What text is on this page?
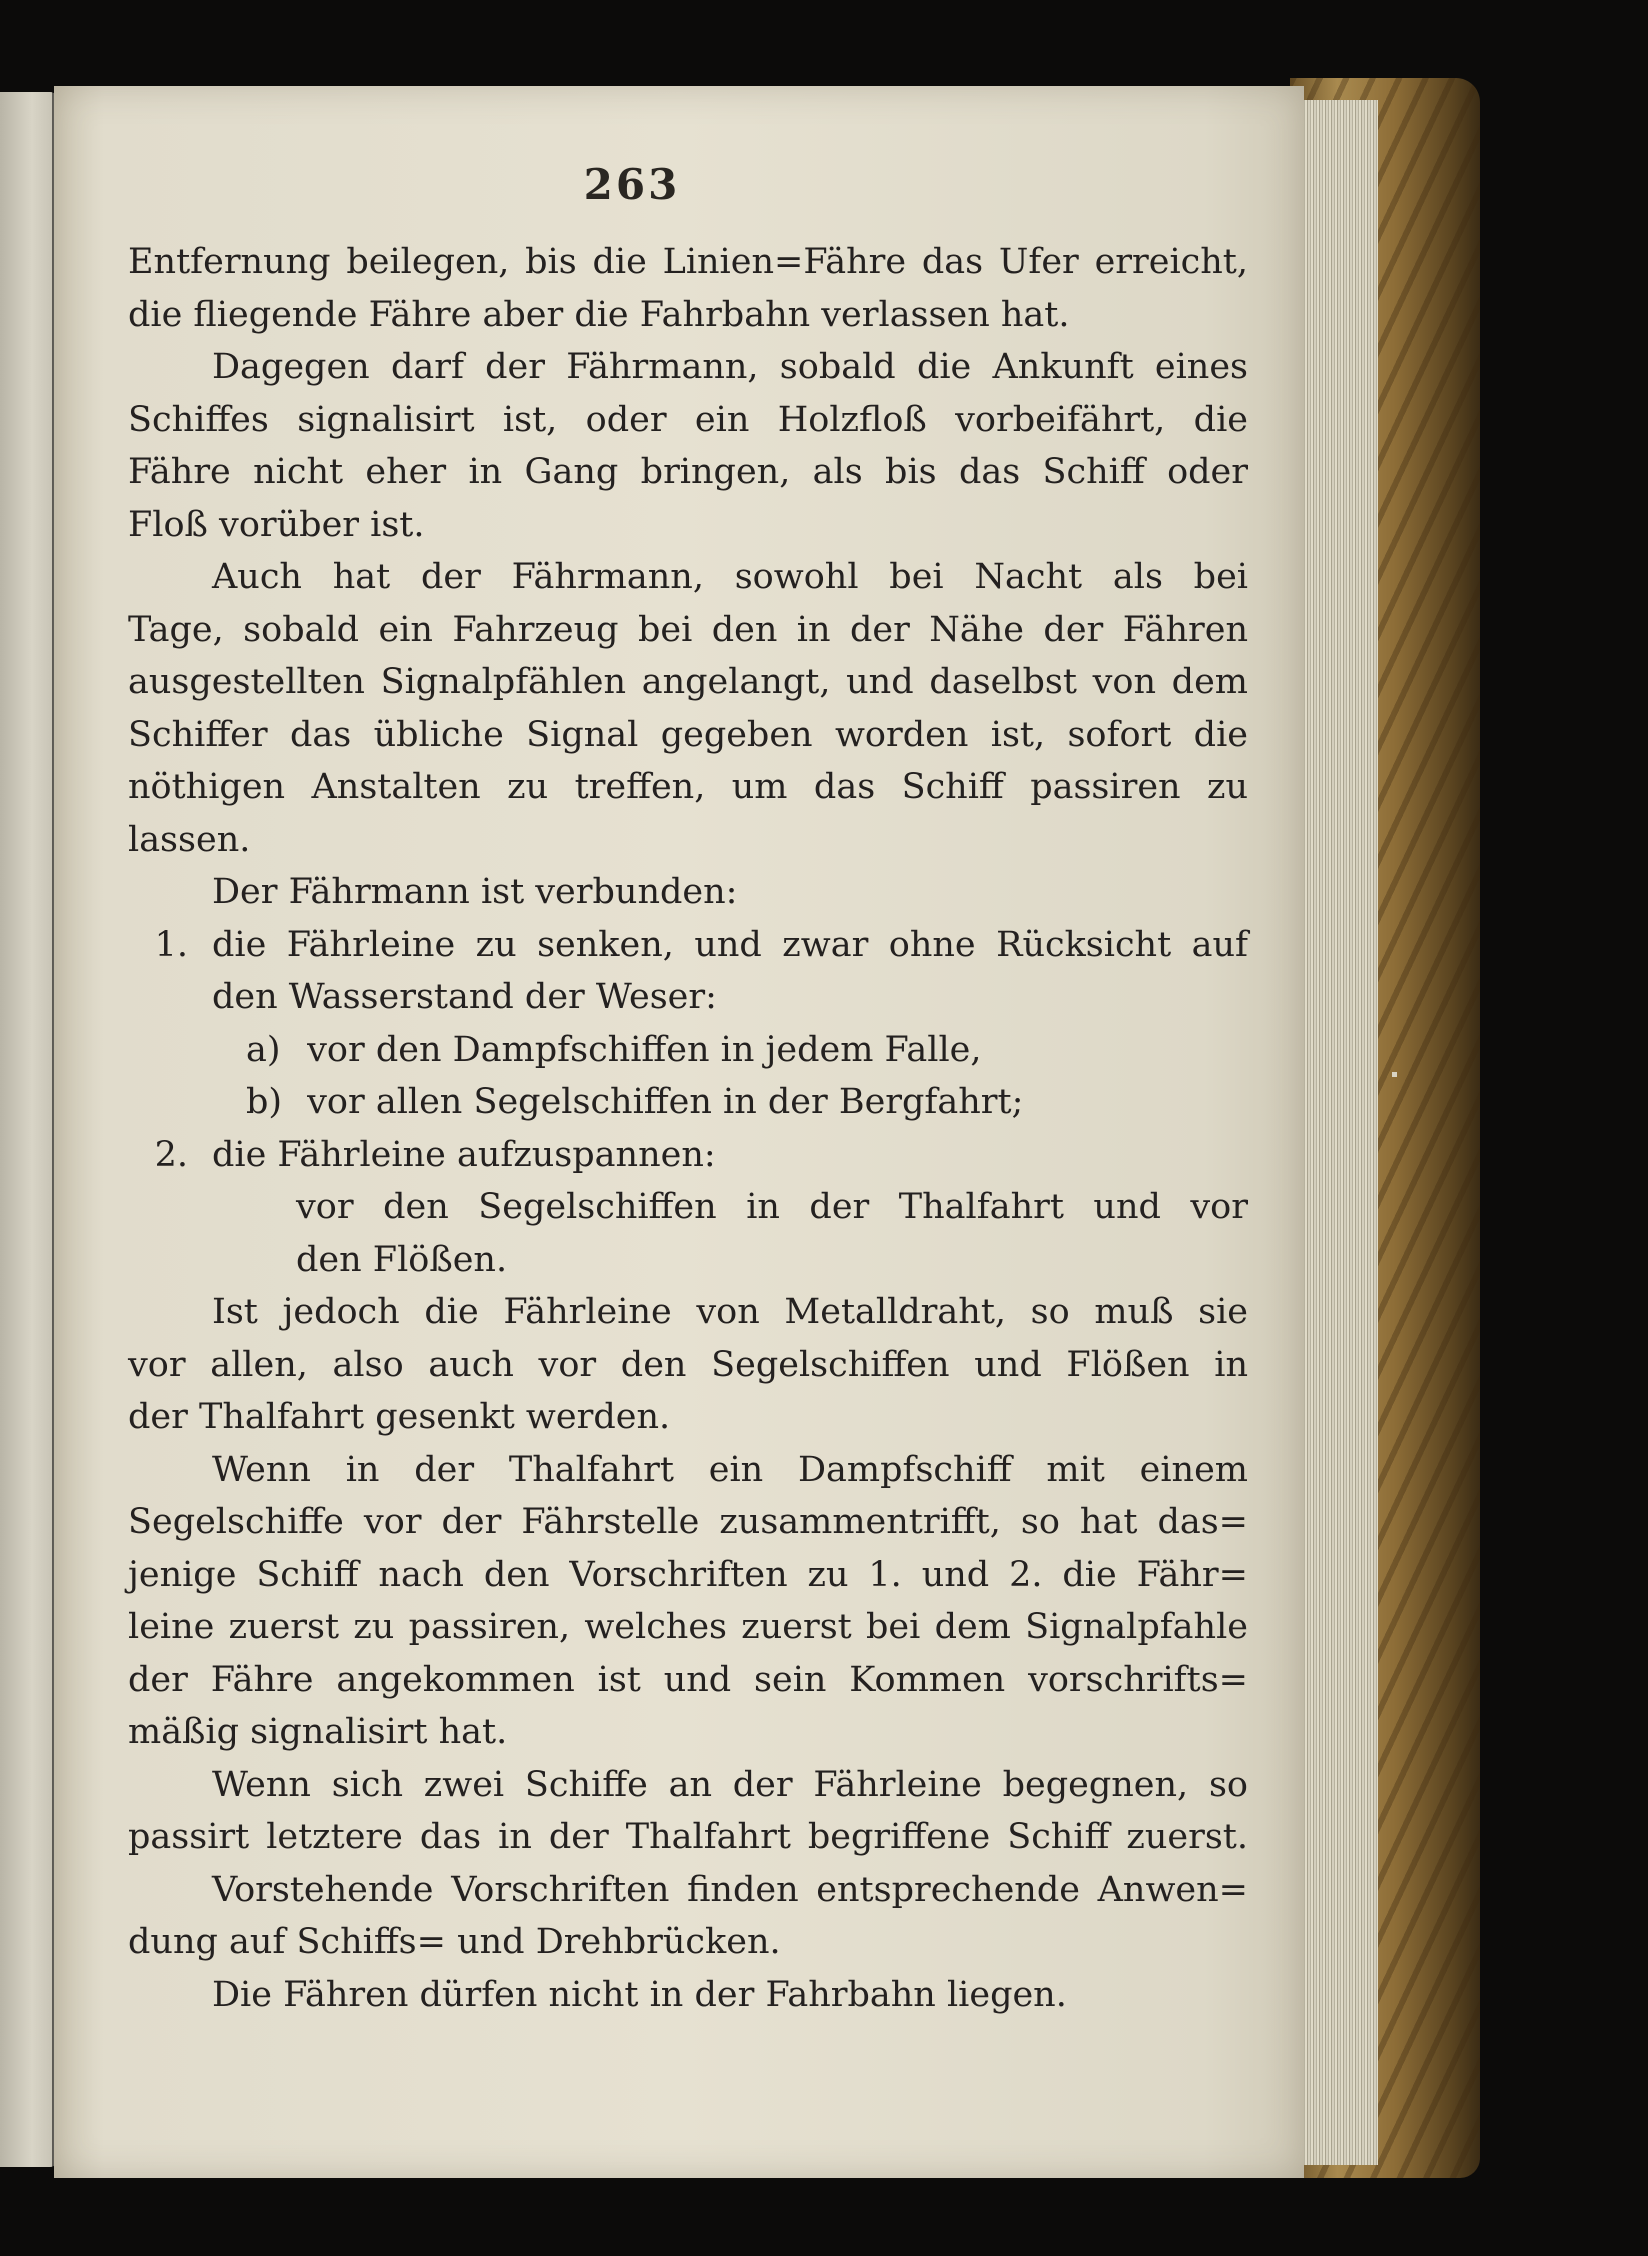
263
Entfernung beilegen, bis die Linien=Fähre das Ufer erreicht,
die fliegende Fähre aber die Fahrbahn verlassen hat.
Dagegen darf der Fährmann, sobald die Ankunft eines
Schiffes signalisirt ist, oder ein Holzfloß vorbeifährt, die
Fähre nicht eher in Gang bringen, als bis das Schiff oder
Floß vorüber ist.
Auch hat der Fährmann, sowohl bei Nacht als bei
Tage, sobald ein Fahrzeug bei den in der Nähe der Fähren
ausgestellten Signalpfählen angelangt, und daselbst von dem
Schiffer das übliche Signal gegeben worden ist, sofort die
nöthigen Anstalten zu treffen, um das Schiff passiren zu
lassen.
Der Fährmann ist verbunden:
1. die Fährleine zu senken, und zwar ohne Rücksicht auf
den Wasserstand der Weser:
a) vor den Dampfschiffen in jedem Falle,
b) vor allen Segelschiffen in der Bergfahrt;
2. die Fährleine aufzuspannen:
vor den Segelschiffen in der Thalfahrt und vor
den Flößen.
Ist jedoch die Fährleine von Metalldraht, so muß sie
vor allen, also auch vor den Segelschiffen und Flößen in
der Thalfahrt gesenkt werden.
Wenn in der Thalfahrt ein Dampfschiff mit einem
Segelschiffe vor der Fährstelle zusammentrifft, so hat das=
jenige Schiff nach den Vorschriften zu 1. und 2. die Fähr=
leine zuerst zu passiren, welches zuerst bei dem Signalpfahle
der Fähre angekommen ist und sein Kommen vorschrifts=
mäßig signalisirt hat.
Wenn sich zwei Schiffe an der Fährleine begegnen, so
passirt letztere das in der Thalfahrt begriffene Schiff zuerst.
Vorstehende Vorschriften finden entsprechende Anwen=
dung auf Schiffs= und Drehbrücken.
Die Fähren dürfen nicht in der Fahrbahn liegen.
